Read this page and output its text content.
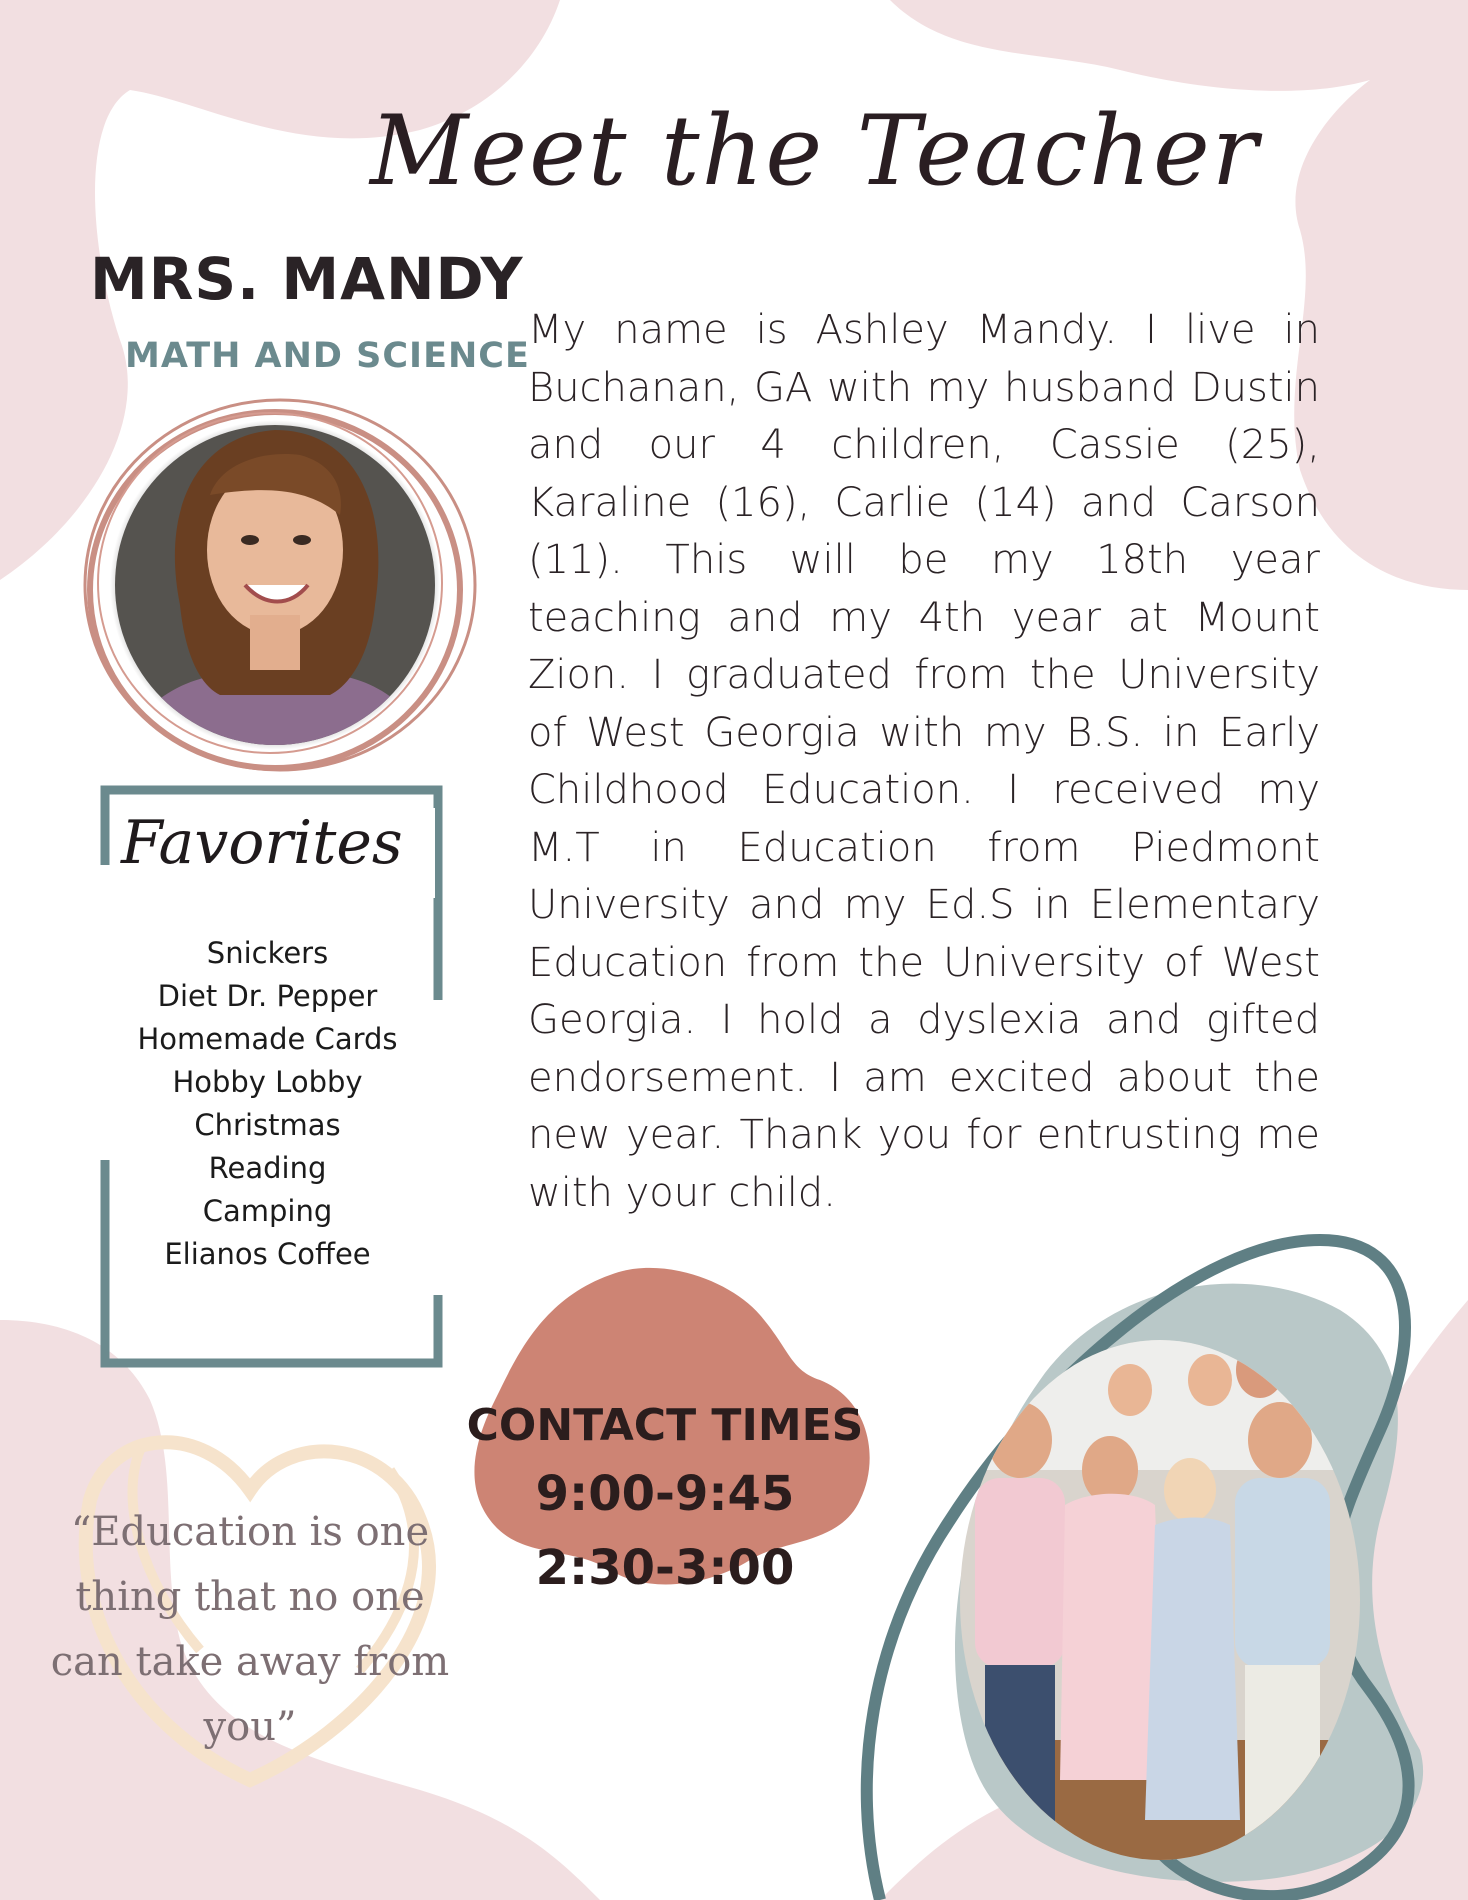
Meet the Teacher
MRS. MANDY
MATH AND SCIENCE

My name is Ashley Mandy. I live in Buchanan, GA with my husband Dustin and our 4 children, Cassie (25), Karaline (16), Carlie (14) and Carson (11). This will be my 18th year teaching and my 4th year at Mount Zion. I graduated from the University of West Georgia with my B.S. in Early Childhood Education. I received my M.T in Education from Piedmont University and my Ed.S in Elementary Education from the University of West Georgia. I hold a dyslexia and gifted endorsement. I am excited about the new year. Thank you for entrusting me with your child.

Favorites
Snickers
Diet Dr. Pepper
Homemade Cards
Hobby Lobby
Christmas
Reading
Camping
Elianos Coffee
CONTACT TIMES
9:00-9:45
2:30-3:00
“Education is one thing that no one can take away from you”
